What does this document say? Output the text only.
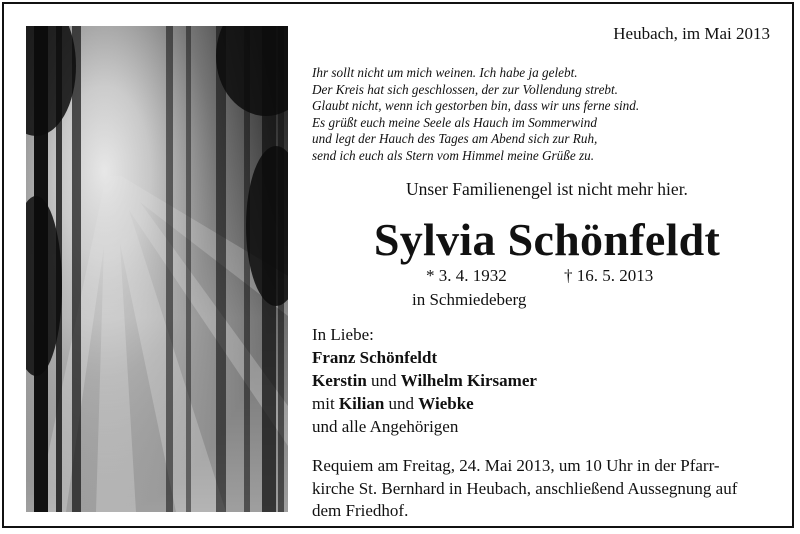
Heubach, im Mai 2013
Ihr sollt nicht um mich weinen. Ich habe ja gelebt.
Der Kreis hat sich geschlossen, der zur Vollendung strebt.
Glaubt nicht, wenn ich gestorben bin, dass wir uns ferne sind.
Es grüßt euch meine Seele als Hauch im Sommerwind
und legt der Hauch des Tages am Abend sich zur Ruh,
send ich euch als Stern vom Himmel meine Grüße zu.
Unser Familienengel ist nicht mehr hier.
Sylvia Schönfeldt
* 3. 4. 1932	† 16. 5. 2013
in Schmiedeberg
In Liebe:
Franz Schönfeldt
Kerstin und Wilhelm Kirsamer
mit Kilian und Wiebke
und alle Angehörigen
Requiem am Freitag, 24. Mai 2013, um 10 Uhr in der Pfarr-
kirche St. Bernhard in Heubach, anschließend Aussegnung auf
dem Friedhof.
